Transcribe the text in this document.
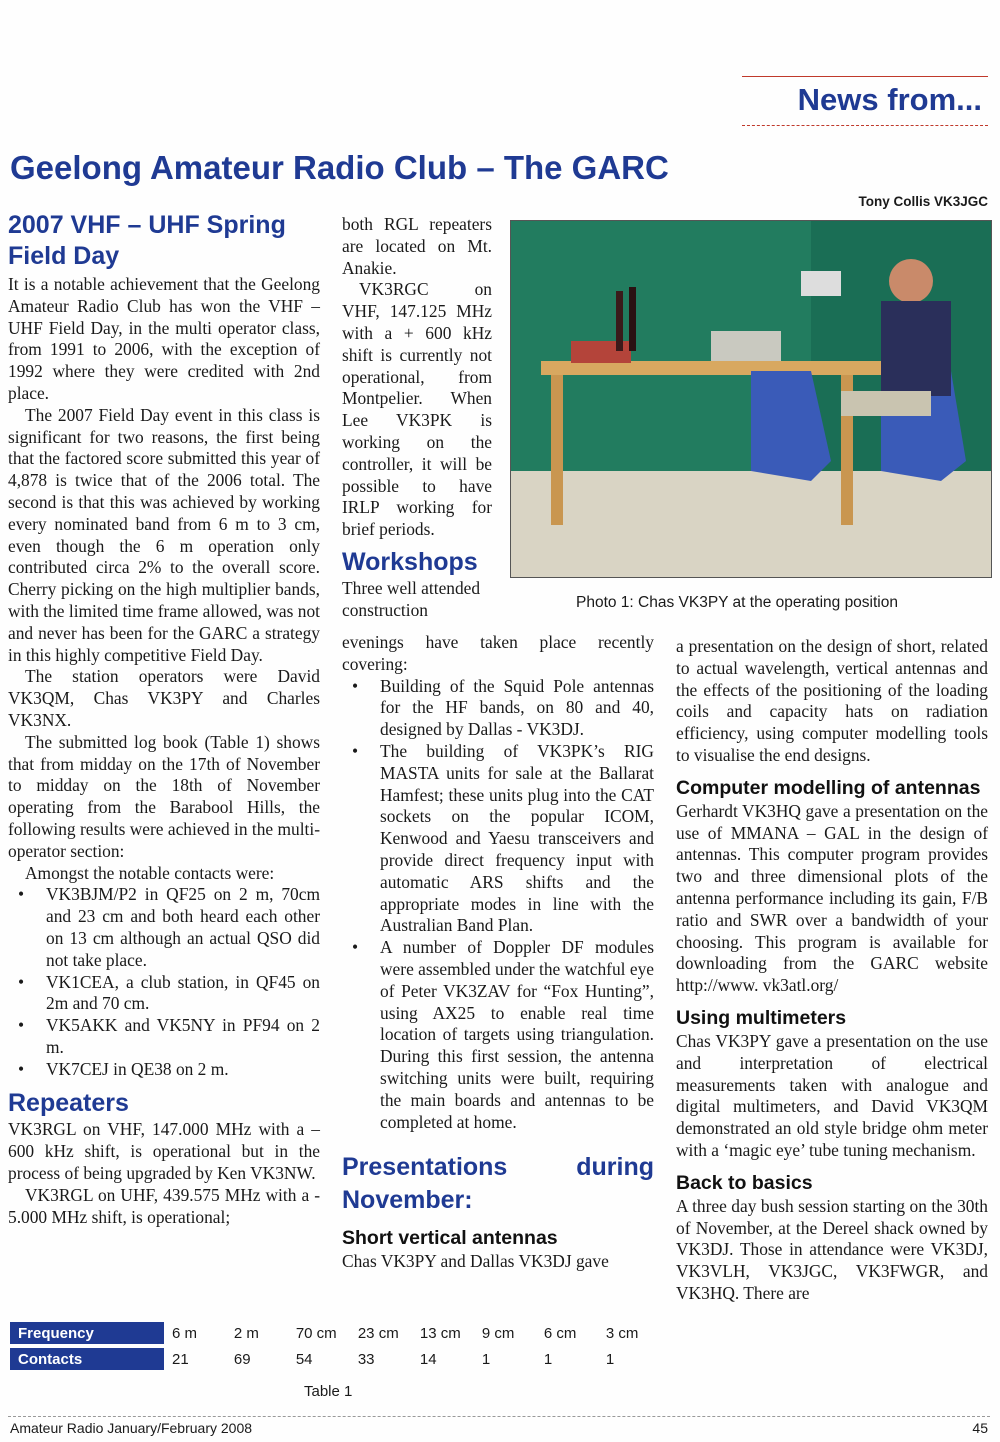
News from...
Geelong Amateur Radio Club – The GARC
Tony Collis VK3JGC
2007 VHF – UHF Spring Field Day

It is a notable achievement that the Geelong Amateur Radio Club has won the VHF – UHF Field Day, in the multi operator class, from 1991 to 2006, with the exception of 1992 where they were credited with 2nd place.

The 2007 Field Day event in this class is significant for two reasons, the first being that the factored score submitted this year of 4,878 is twice that of the 2006 total. The second is that this was achieved by working every nominated band from 6 m to 3 cm, even though the 6 m operation only contributed circa 2% to the overall score. Cherry picking on the high multiplier bands, with the limited time frame allowed, was not and never has been for the GARC a strategy in this highly competitive Field Day.

The station operators were David VK3QM, Chas VK3PY and Charles VK3NX.

The submitted log book (Table 1) shows that from midday on the 17th of November to midday on the 18th of November operating from the Barabool Hills, the following results were achieved in the multi-operator section:

Amongst the notable contacts were:

• VK3BJM/P2 in QF25 on 2 m, 70cm and 23 cm and both heard each other on 13 cm although an actual QSO did not take place.
• VK1CEA, a club station, in QF45 on 2m and 70 cm.
• VK5AKK and VK5NY in PF94 on 2 m.
• VK7CEJ in QE38 on 2 m.
Repeaters

VK3RGL on VHF, 147.000 MHz with a – 600 kHz shift, is operational but in the process of being upgraded by Ken VK3NW.

VK3RGL on UHF, 439.575 MHz with a - 5.000 MHz shift, is operational;

both RGL repeaters are located on Mt. Anakie.

VK3RGC on VHF, 147.125 MHz with a + 600 kHz shift is currently not operational, from Montpelier. When Lee VK3PK is working on the controller, it will be possible to have IRLP working for brief periods.

Workshops

Three well attended construction

evenings have taken place recently covering:

• Building of the Squid Pole antennas for the HF bands, on 80 and 40, designed by Dallas - VK3DJ.
• The building of VK3PK’s RIG MASTA units for sale at the Ballarat Hamfest; these units plug into the CAT sockets on the popular ICOM, Kenwood and Yaesu transceivers and provide direct frequency input with automatic ARS shifts and the appropriate modes in line with the Australian Band Plan.
• A number of Doppler DF modules were assembled under the watchful eye of Peter VK3ZAV for “Fox Hunting”, using AX25 to enable real time location of targets using triangulation. During this first session, the antenna switching units were built, requiring the main boards and antennas to be completed at home.
Presentations during November:
Short vertical antennas

Chas VK3PY and Dallas VK3DJ gave

Photo 1: Chas VK3PY at the operating position

a presentation on the design of short, related to actual wavelength, vertical antennas and the effects of the positioning of the loading coils and capacity hats on radiation efficiency, using computer modelling tools to visualise the end designs.

Computer modelling of antennas

Gerhardt VK3HQ gave a presentation on the use of MMANA – GAL in the design of antennas. This computer program provides two and three dimensional plots of the antenna performance including its gain, F/B ratio and SWR over a bandwidth of your choosing. This program is available for downloading from the GARC website http://www. vk3atl.org/

Using multimeters

Chas VK3PY gave a presentation on the use and interpretation of electrical measurements taken with analogue and digital multimeters, and David VK3QM demonstrated an old style bridge ohm meter with a ‘magic eye’ tube tuning mechanism.

Back to basics

A three day bush session starting on the 30th of November, at the Dereel shack owned by VK3DJ. Those in attendance were VK3DJ, VK3VLH, VK3JGC, VK3FWGR, and VK3HQ. There are

Frequency	6 m	2 m	70 cm	23 cm	13 cm	9 cm	6 cm	3 cm
Contacts	21	69	54	33	14	1	1	1
Table 1
Amateur Radio January/February 2008	45
